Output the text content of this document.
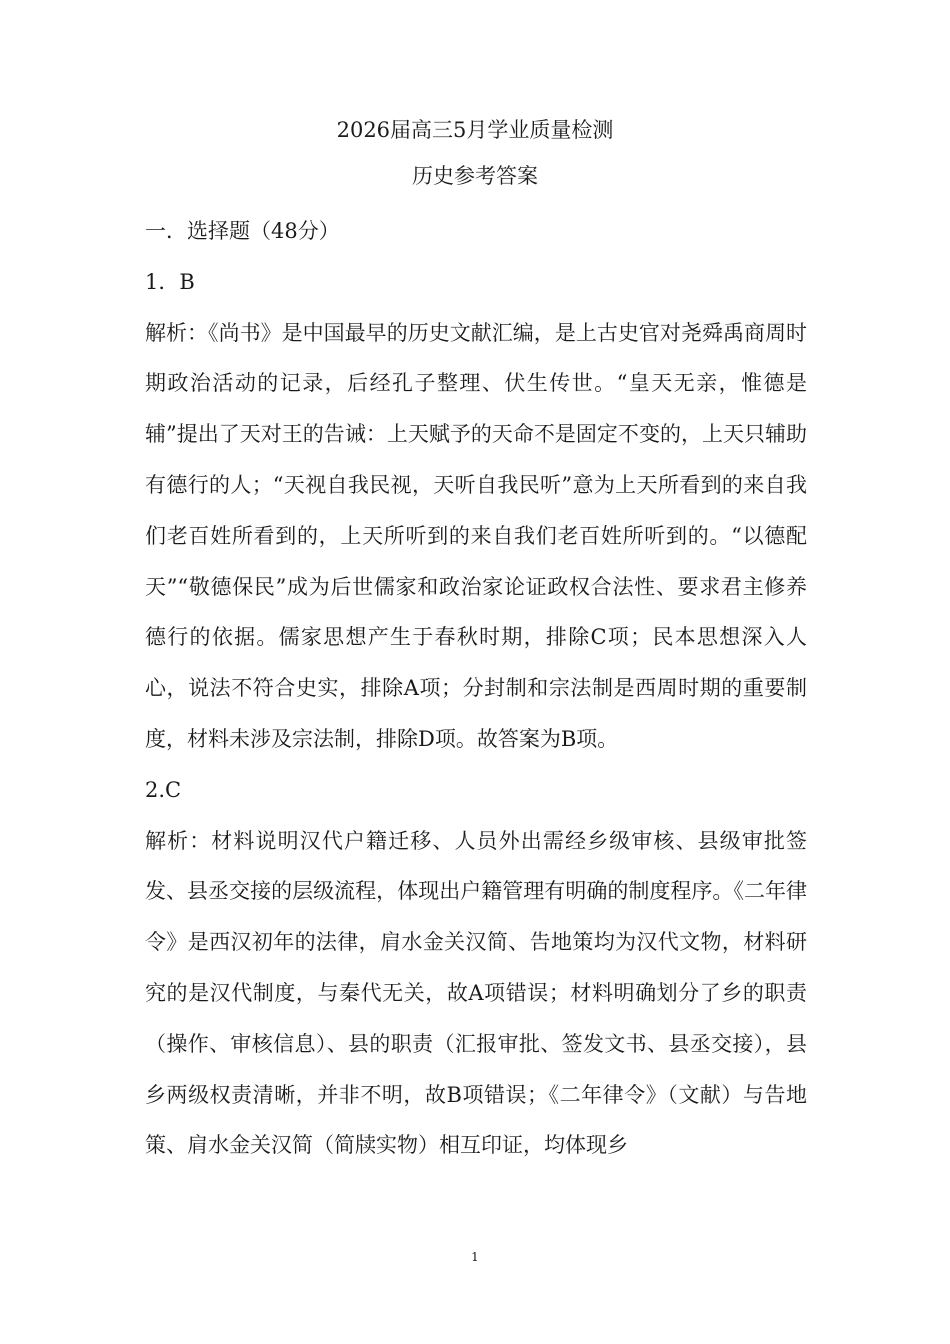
2026届高三5月学业质量检测
历史参考答案

一．选择题（48分）

1．B

解析：《尚书》是中国最早的历史文献汇编，是上古史官对尧舜禹商周时期政治活动的记录，后经孔子整理、伏生传世。“皇天无亲，惟德是辅”提出了天对王的告诫：上天赋予的天命不是固定不变的，上天只辅助有德行的人；“天视自我民视，天听自我民听”意为上天所看到的来自我们老百姓所看到的，上天所听到的来自我们老百姓所听到的。“以德配天”“敬德保民”成为后世儒家和政治家论证政权合法性、要求君主修养德行的依据。儒家思想产生于春秋时期，排除C项；民本思想深入人心，说法不符合史实，排除A项；分封制和宗法制是西周时期的重要制度，材料未涉及宗法制，排除D项。故答案为B项。

2.C

解析：材料说明汉代户籍迁移、人员外出需经乡级审核、县级审批签发、县丞交接的层级流程，体现出户籍管理有明确的制度程序。《二年律令》是西汉初年的法律，肩水金关汉简、告地策均为汉代文物，材料研究的是汉代制度，与秦代无关，故A项错误；材料明确划分了乡的职责（操作、审核信息）、县的职责（汇报审批、签发文书、县丞交接），县乡两级权责清晰，并非不明，故B项错误；《二年律令》（文献）与告地策、肩水金关汉简（简牍实物）相互印证，均体现乡

1
